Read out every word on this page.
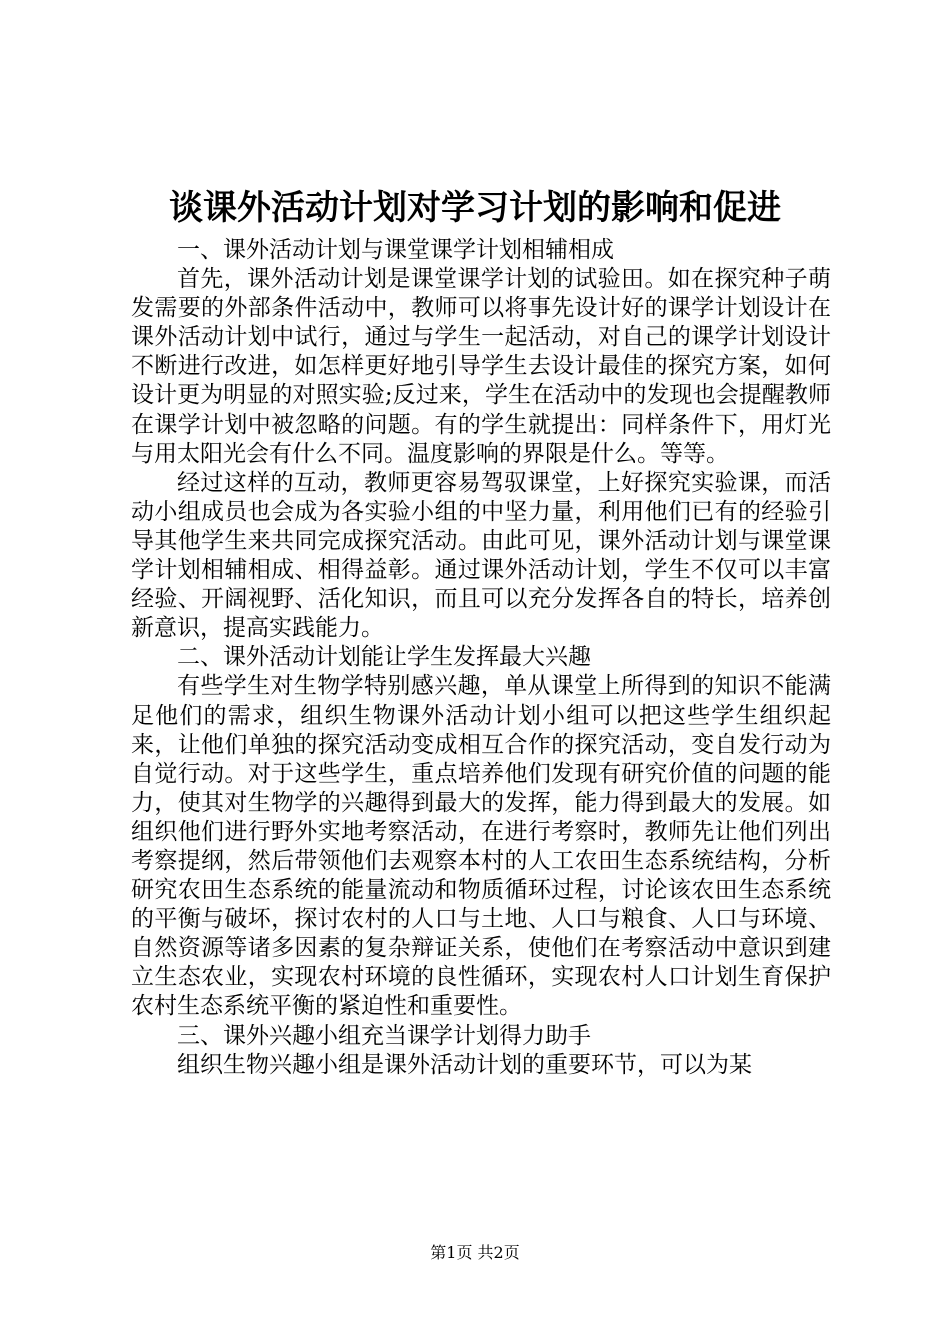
谈课外活动计划对学习计划的影响和促进

一、课外活动计划与课堂课学计划相辅相成

首先，课外活动计划是课堂课学计划的试验田。如在探究种子萌发需要的外部条件活动中，教师可以将事先设计好的课学计划设计在课外活动计划中试行，通过与学生一起活动，对自己的课学计划设计不断进行改进，如怎样更好地引导学生去设计最佳的探究方案，如何设计更为明显的对照实验;反过来，学生在活动中的发现也会提醒教师在课学计划中被忽略的问题。有的学生就提出：同样条件下，用灯光与用太阳光会有什么不同。温度影响的界限是什么。等等。

经过这样的互动，教师更容易驾驭课堂，上好探究实验课，而活动小组成员也会成为各实验小组的中坚力量，利用他们已有的经验引导其他学生来共同完成探究活动。由此可见，课外活动计划与课堂课学计划相辅相成、相得益彰。通过课外活动计划，学生不仅可以丰富经验、开阔视野、活化知识，而且可以充分发挥各自的特长，培养创新意识，提高实践能力。

二、课外活动计划能让学生发挥最大兴趣

有些学生对生物学特别感兴趣，单从课堂上所得到的知识不能满足他们的需求，组织生物课外活动计划小组可以把这些学生组织起来，让他们单独的探究活动变成相互合作的探究活动，变自发行动为自觉行动。对于这些学生，重点培养他们发现有研究价值的问题的能力，使其对生物学的兴趣得到最大的发挥，能力得到最大的发展。如组织他们进行野外实地考察活动，在进行考察时，教师先让他们列出考察提纲，然后带领他们去观察本村的人工农田生态系统结构，分析研究农田生态系统的能量流动和物质循环过程，讨论该农田生态系统的平衡与破坏，探讨农村的人口与土地、人口与粮食、人口与环境、自然资源等诸多因素的复杂辩证关系，使他们在考察活动中意识到建立生态农业，实现农村环境的良性循环，实现农村人口计划生育保护农村生态系统平衡的紧迫性和重要性。

三、课外兴趣小组充当课学计划得力助手

组织生物兴趣小组是课外活动计划的重要环节，可以为某

第1页 共2页
